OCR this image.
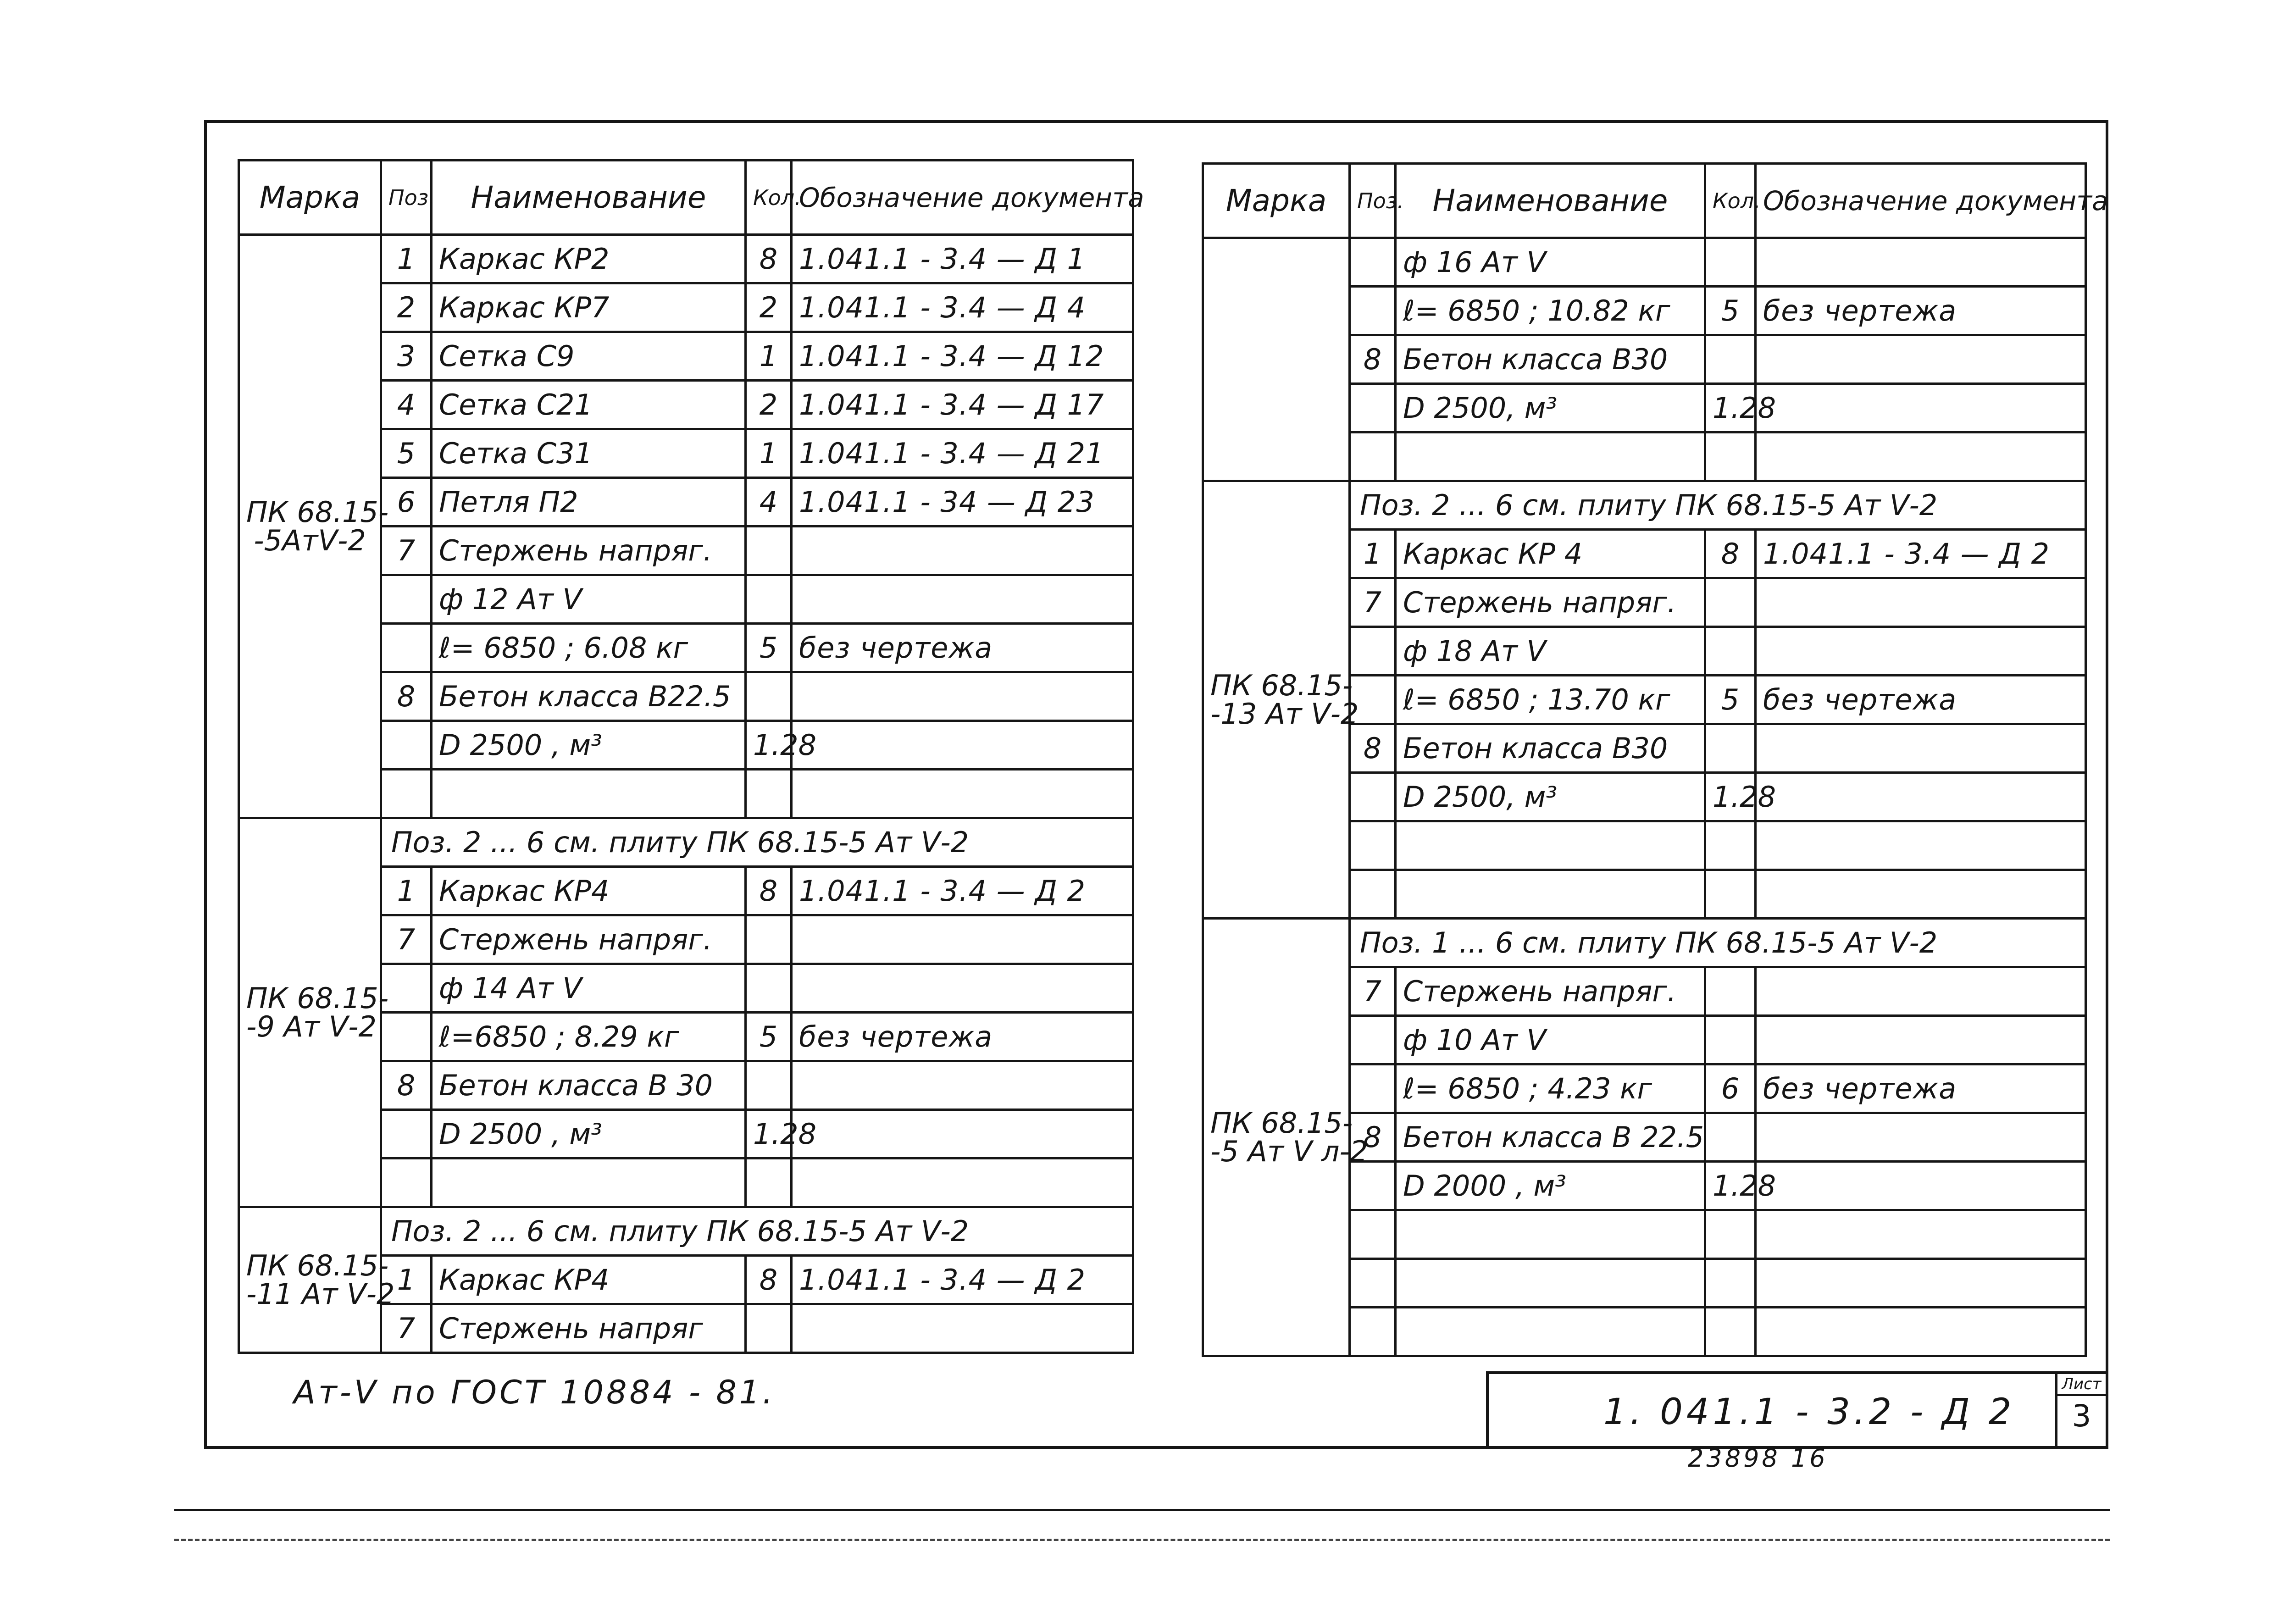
Марка	Поз.	Наименование	Кол.	Обозначение документа
ПК 68.15-
-5АтⅤ-2	1	Каркас КР2	8	1.041.1 - 3.4 — Д 1
	2	Каркас КР7	2	1.041.1 - 3.4 — Д 4
	3	Сетка С9	1	1.041.1 - 3.4 — Д 12
	4	Сетка С21	2	1.041.1 - 3.4 — Д 17
	5	Сетка С31	1	1.041.1 - 3.4 — Д 21
	6	Петля П2	4	1.041.1 - 34 — Д 23
	7	Стержень напряг.		
		ф 12 Ат Ⅴ		
		ℓ= 6850 ; 6.08 кг	5	без чертежа
	8	Бетон класса В22.5		
		D 2500 , м³	1.28	

ПК 68.15-
-9 Ат Ⅴ-2	Поз. 2 ... 6 см. плиту ПК 68.15-5 Ат Ⅴ-2			
	1	Каркас КР4	8	1.041.1 - 3.4 — Д 2
	7	Стержень напряг.		
		ф 14 Ат Ⅴ		
		ℓ=6850 ; 8.29 кг	5	без чертежа
	8	Бетон класса В 30		
		D 2500 , м³	1.28	

ПК 68.15-
-11 Ат Ⅴ-2	Поз. 2 ... 6 см. плиту ПК 68.15-5 Ат Ⅴ-2			
	1	Каркас КР4	8	1.041.1 - 3.4 — Д 2
	7	Стержень напряг		
Марка	Поз.	Наименование	Кол.	Обозначение документа
		ф 16 Ат Ⅴ		
		ℓ= 6850 ; 10.82 кг	5	без чертежа
	8	Бетон класса В30		
		D 2500, м³	1.28	

ПК 68.15-
-13 Ат Ⅴ-2	Поз. 2 ... 6 см. плиту ПК 68.15-5 Ат Ⅴ-2			
	1	Каркас КР 4	8	1.041.1 - 3.4 — Д 2
	7	Стержень напряг.		
		ф 18 Ат Ⅴ		
		ℓ= 6850 ; 13.70 кг	5	без чертежа
	8	Бетон класса В30		
		D 2500, м³	1.28	

ПК 68.15-
-5 Ат Ⅴ л-2	Поз. 1 ... 6 см. плиту ПК 68.15-5 Ат Ⅴ-2			
	7	Стержень напряг.		
		ф 10 Ат Ⅴ		
		ℓ= 6850 ; 4.23 кг	6	без чертежа
	8	Бетон класса В 22.5		
		D 2000 , м³	1.28	

Ат-Ⅴ по ГОСТ 10884 - 81.	1. 041.1 - 3.2 - Д 2
Лист
3
23898 16
